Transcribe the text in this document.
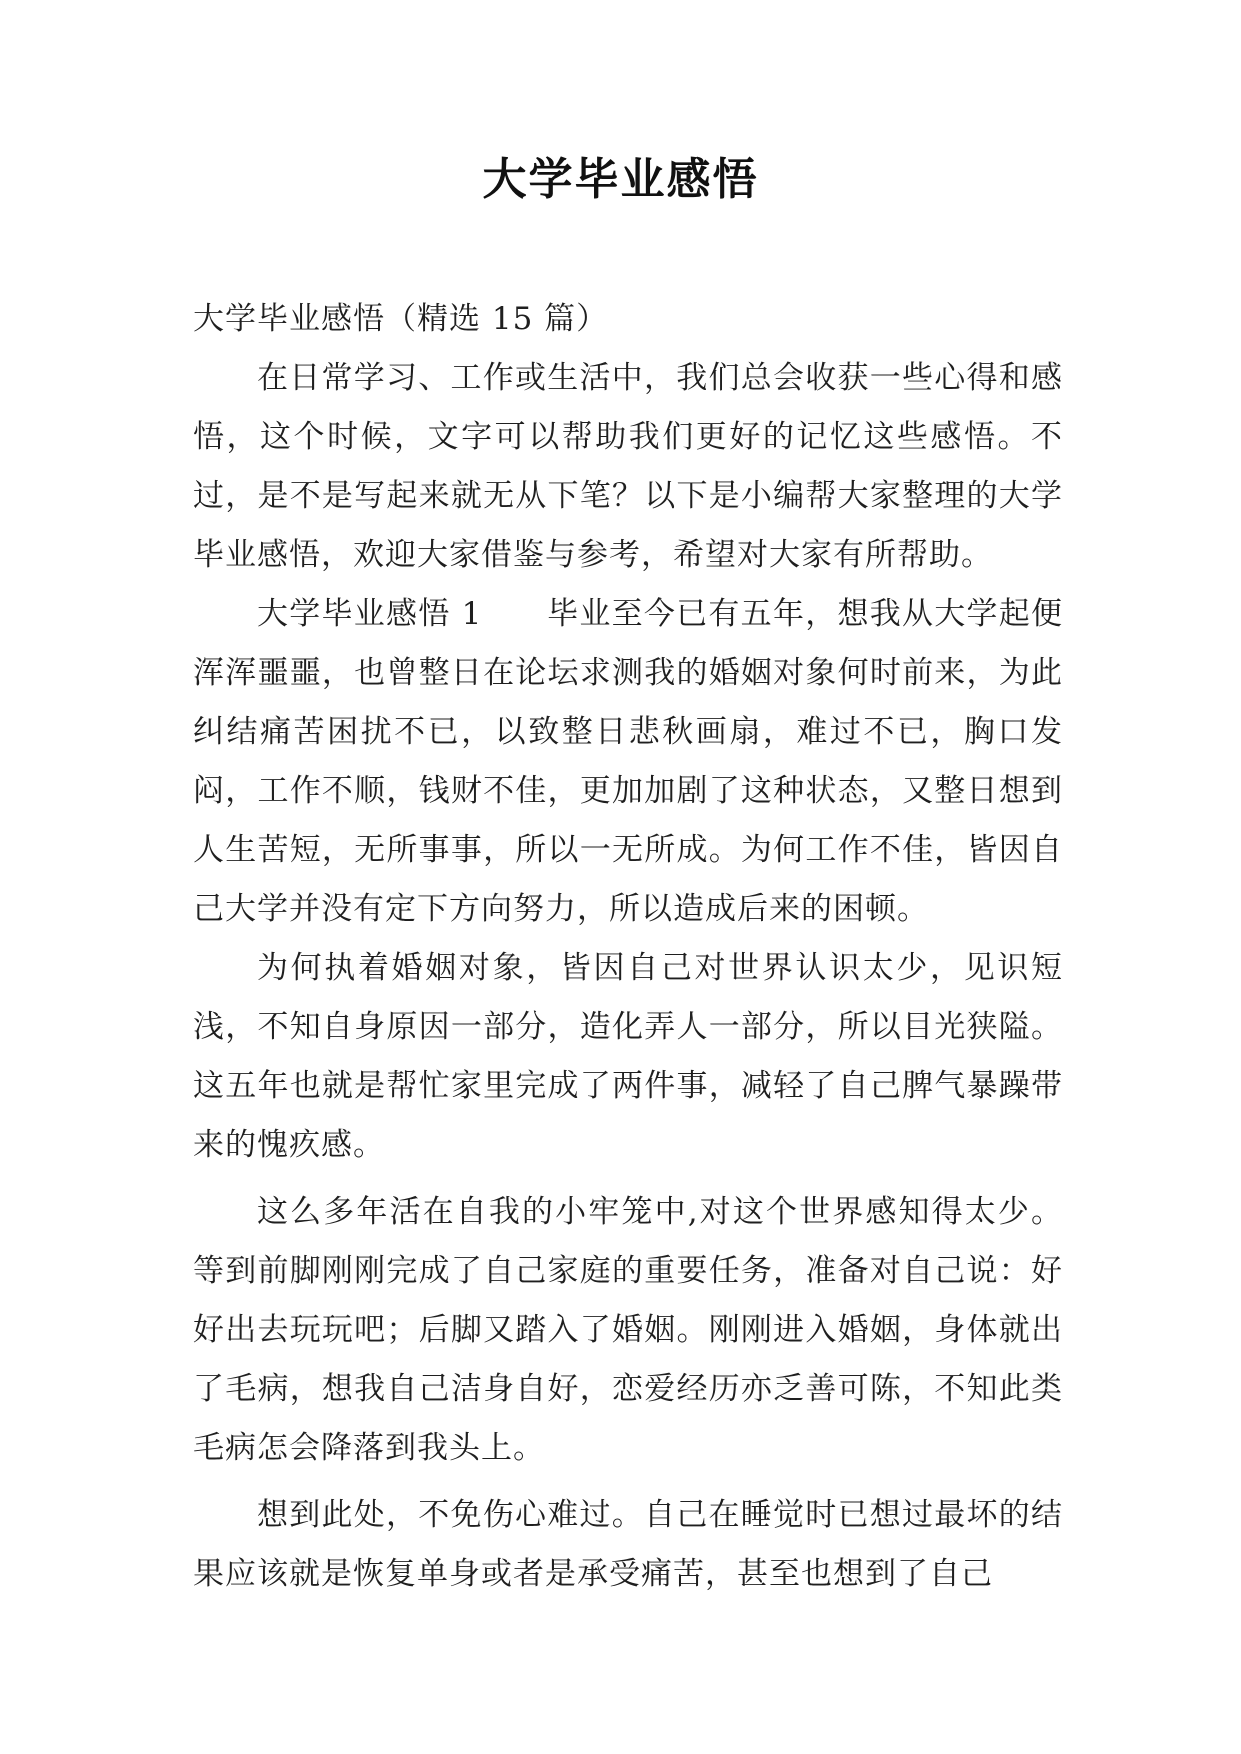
大学毕业感悟

大学毕业感悟（精选 15 篇）

在日常学习、工作或生活中，我们总会收获一些心得和感悟，这个时候，文字可以帮助我们更好的记忆这些感悟。不过，是不是写起来就无从下笔？以下是小编帮大家整理的大学毕业感悟，欢迎大家借鉴与参考，希望对大家有所帮助。

大学毕业感悟 1　　毕业至今已有五年，想我从大学起便浑浑噩噩，也曾整日在论坛求测我的婚姻对象何时前来，为此纠结痛苦困扰不已，以致整日悲秋画扇，难过不已，胸口发闷，工作不顺，钱财不佳，更加加剧了这种状态，又整日想到人生苦短，无所事事，所以一无所成。为何工作不佳，皆因自己大学并没有定下方向努力，所以造成后来的困顿。

为何执着婚姻对象，皆因自己对世界认识太少，见识短浅，不知自身原因一部分，造化弄人一部分，所以目光狭隘。这五年也就是帮忙家里完成了两件事，减轻了自己脾气暴躁带来的愧疚感。

这么多年活在自我的小牢笼中,对这个世界感知得太少。等到前脚刚刚完成了自己家庭的重要任务，准备对自己说：好好出去玩玩吧；后脚又踏入了婚姻。刚刚进入婚姻，身体就出了毛病，想我自己洁身自好，恋爱经历亦乏善可陈，不知此类毛病怎会降落到我头上。

想到此处，不免伤心难过。自己在睡觉时已想过最坏的结果应该就是恢复单身或者是承受痛苦，甚至也想到了自己
